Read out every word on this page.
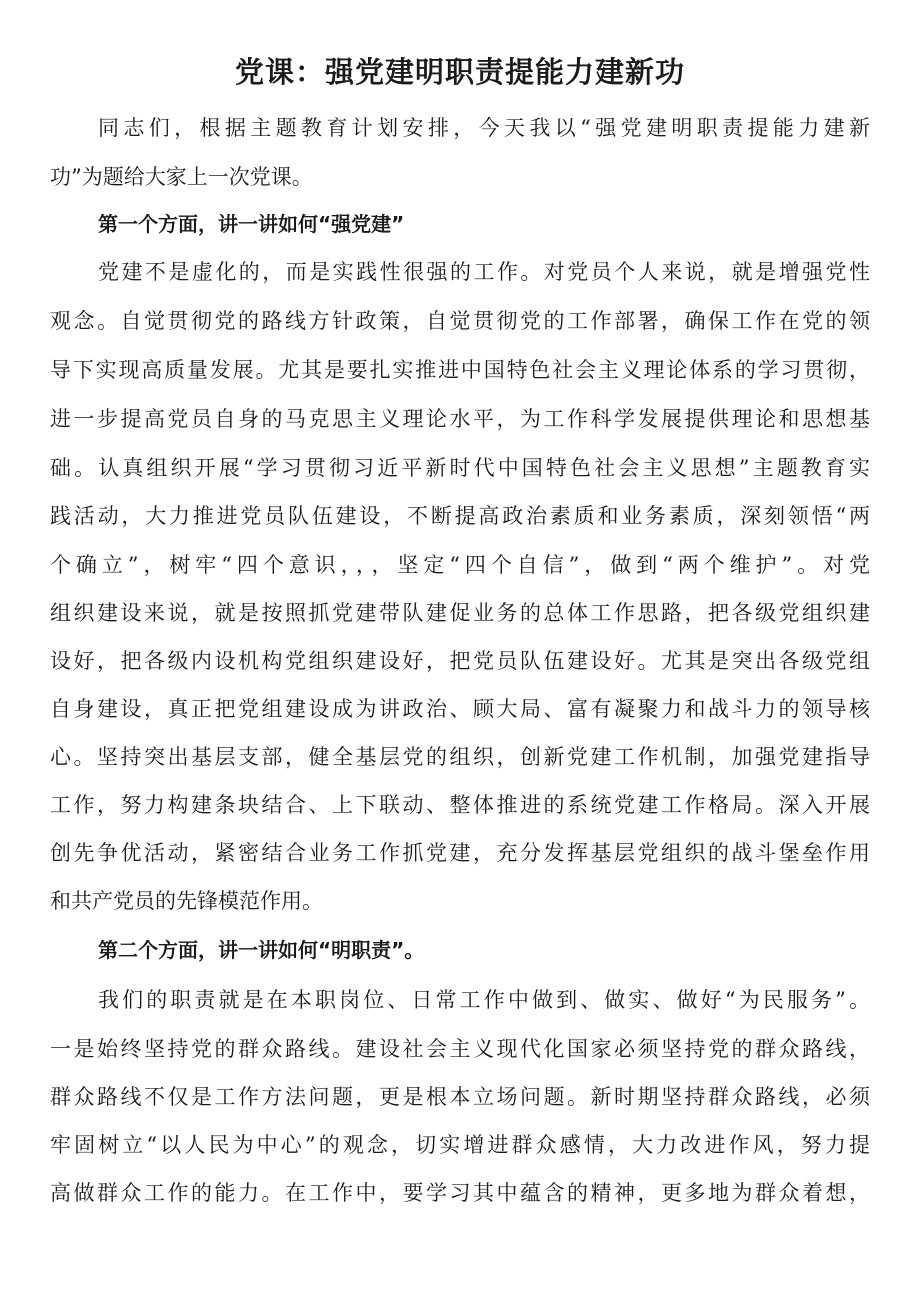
党课：强党建明职责提能力建新功
同志们，根据主题教育计划安排，今天我以“强党建明职责提能力建新
功”为题给大家上一次党课。
第一个方面，讲一讲如何“强党建”
党建不是虚化的，而是实践性很强的工作。对党员个人来说，就是增强党性
观念。自觉贯彻党的路线方针政策，自觉贯彻党的工作部署，确保工作在党的领
导下实现高质量发展。尤其是要扎实推进中国特色社会主义理论体系的学习贯彻，
进一步提高党员自身的马克思主义理论水平，为工作科学发展提供理论和思想基
础。认真组织开展“学习贯彻习近平新时代中国特色社会主义思想”主题教育实
践活动，大力推进党员队伍建设，不断提高政治素质和业务素质，深刻领悟“两
个确立”，树牢“四个意识，，，坚定“四个自信”，做到“两个维护”。对党
组织建设来说，就是按照抓党建带队建促业务的总体工作思路，把各级党组织建
设好，把各级内设机构党组织建设好，把党员队伍建设好。尤其是突出各级党组
自身建设，真正把党组建设成为讲政治、顾大局、富有凝聚力和战斗力的领导核
心。坚持突出基层支部，健全基层党的组织，创新党建工作机制，加强党建指导
工作，努力构建条块结合、上下联动、整体推进的系统党建工作格局。深入开展
创先争优活动，紧密结合业务工作抓党建，充分发挥基层党组织的战斗堡垒作用
和共产党员的先锋模范作用。
第二个方面，讲一讲如何“明职责”。
我们的职责就是在本职岗位、日常工作中做到、做实、做好“为民服务”。
一是始终坚持党的群众路线。建设社会主义现代化国家必须坚持党的群众路线，
群众路线不仅是工作方法问题，更是根本立场问题。新时期坚持群众路线，必须
牢固树立“以人民为中心”的观念，切实增进群众感情，大力改进作风，努力提
高做群众工作的能力。在工作中，要学习其中蕴含的精神，更多地为群众着想，
